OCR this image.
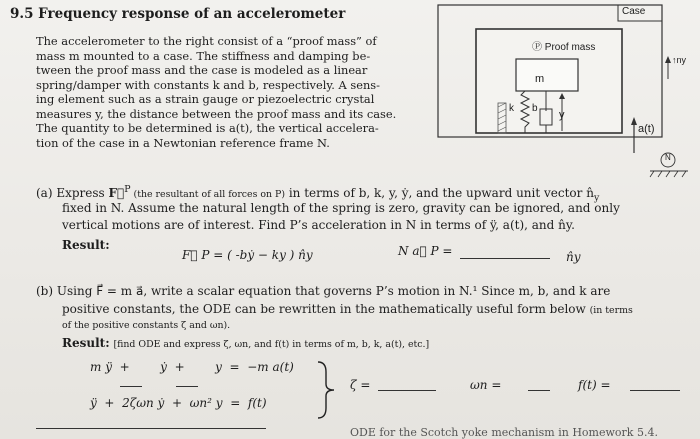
9.5 Frequency response of an accelerometer
The accelerometer to the right consist of a “proof mass” of
mass m mounted to a case. The stiffness and damping be-
tween the proof mass and the case is modeled as a linear
spring/damper with constants k and b, respectively. A sens-
ing element such as a strain gauge or piezoelectric crystal
measures y, the distance between the proof mass and its case.
The quantity to be determined is a(t), the vertical accelera-
tion of the case in a Newtonian reference frame N.
Case
Ⓟ Proof mass
m
k b
y
↑ny
a(t)
N
(a) Express F⃗$^P$ (the resultant of all forces on P) in terms of b, k, y, ẏ, and the upward unit vector $n̂_y$
fixed in N. Assume the natural length of the spring is zero, gravity can be ignored, and only
vertical motions are of interest. Find P’s acceleration in N in terms of ÿ, a(t), and n̂y.
Result:
F⃗ P = ( -bẏ − ky ) n̂y	N a⃗ P =	n̂y
(b) Using F⃗ = m a⃗, write a scalar equation that governs P’s motion in N.¹ Since m, b, and k are
positive constants, the ODE can be rewritten in the mathematically useful form below (in terms
of the positive constants ζ and ωn).
Result: [find ODE and express ζ, ωn, and f(t) in terms of m, b, k, a(t), etc.]
m ÿ  +        ẏ  +        y  =  −m a(t)
ÿ  +  2ζωn ẏ  +  ωn² y  =  f(t)
ζ =	ωn =	f(t) =
ODE for the Scotch yoke mechanism in Homework 5.4.
